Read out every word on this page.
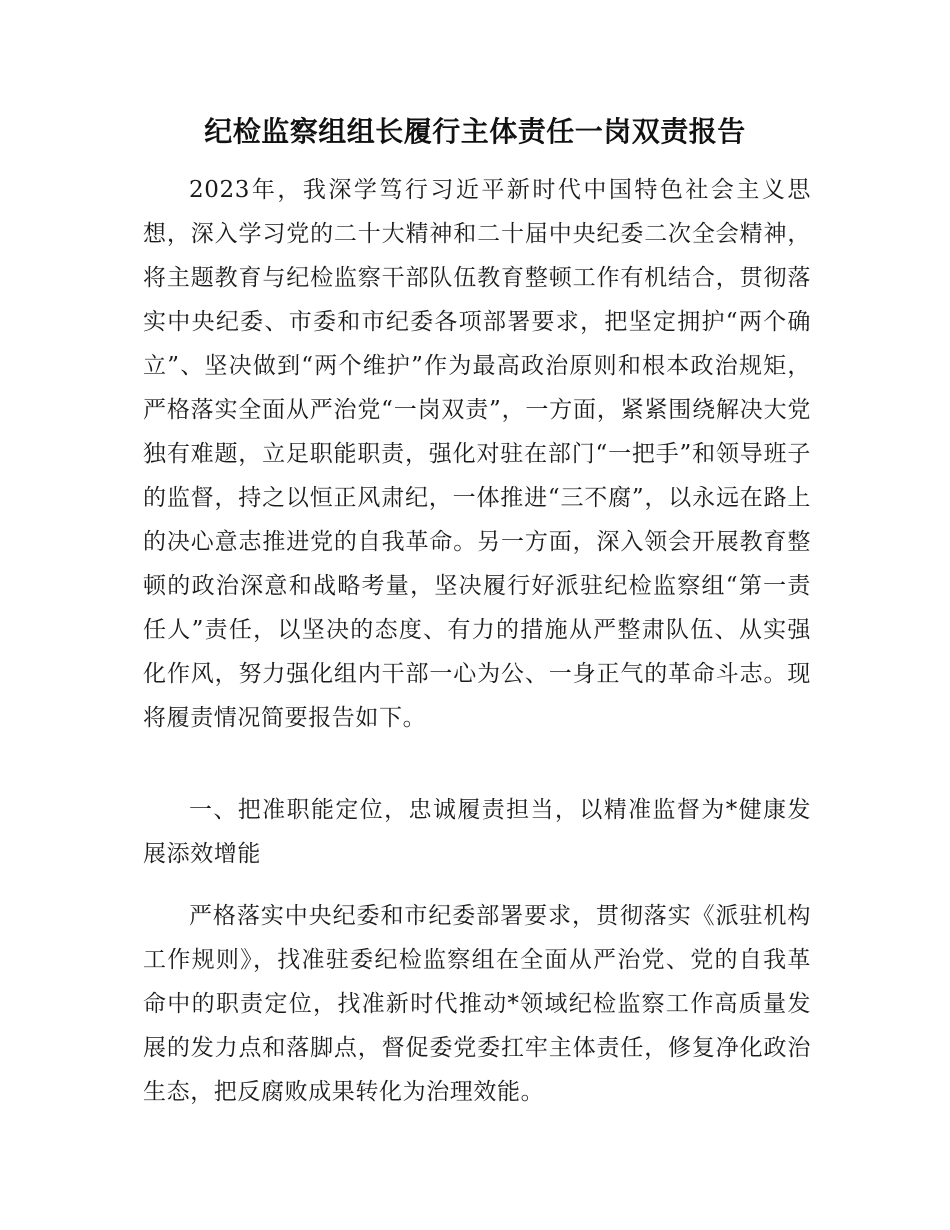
纪检监察组组长履行主体责任一岗双责报告

2023年，我深学笃行习近平新时代中国特色社会主义思想，深入学习党的二十大精神和二十届中央纪委二次全会精神，将主题教育与纪检监察干部队伍教育整顿工作有机结合，贯彻落实中央纪委、市委和市纪委各项部署要求，把坚定拥护“两个确立”、坚决做到“两个维护”作为最高政治原则和根本政治规矩，严格落实全面从严治党“一岗双责”，一方面，紧紧围绕解决大党独有难题，立足职能职责，强化对驻在部门“一把手”和领导班子的监督，持之以恒正风肃纪，一体推进“三不腐”，以永远在路上的决心意志推进党的自我革命。另一方面，深入领会开展教育整顿的政治深意和战略考量，坚决履行好派驻纪检监察组“第一责任人”责任，以坚决的态度、有力的措施从严整肃队伍、从实强化作风，努力强化组内干部一心为公、一身正气的革命斗志。现将履责情况简要报告如下。

一、把准职能定位，忠诚履责担当，以精准监督为*健康发展添效增能

严格落实中央纪委和市纪委部署要求，贯彻落实《派驻机构工作规则》，找准驻委纪检监察组在全面从严治党、党的自我革命中的职责定位，找准新时代推动*领域纪检监察工作高质量发展的发力点和落脚点，督促委党委扛牢主体责任，修复净化政治生态，把反腐败成果转化为治理效能。
